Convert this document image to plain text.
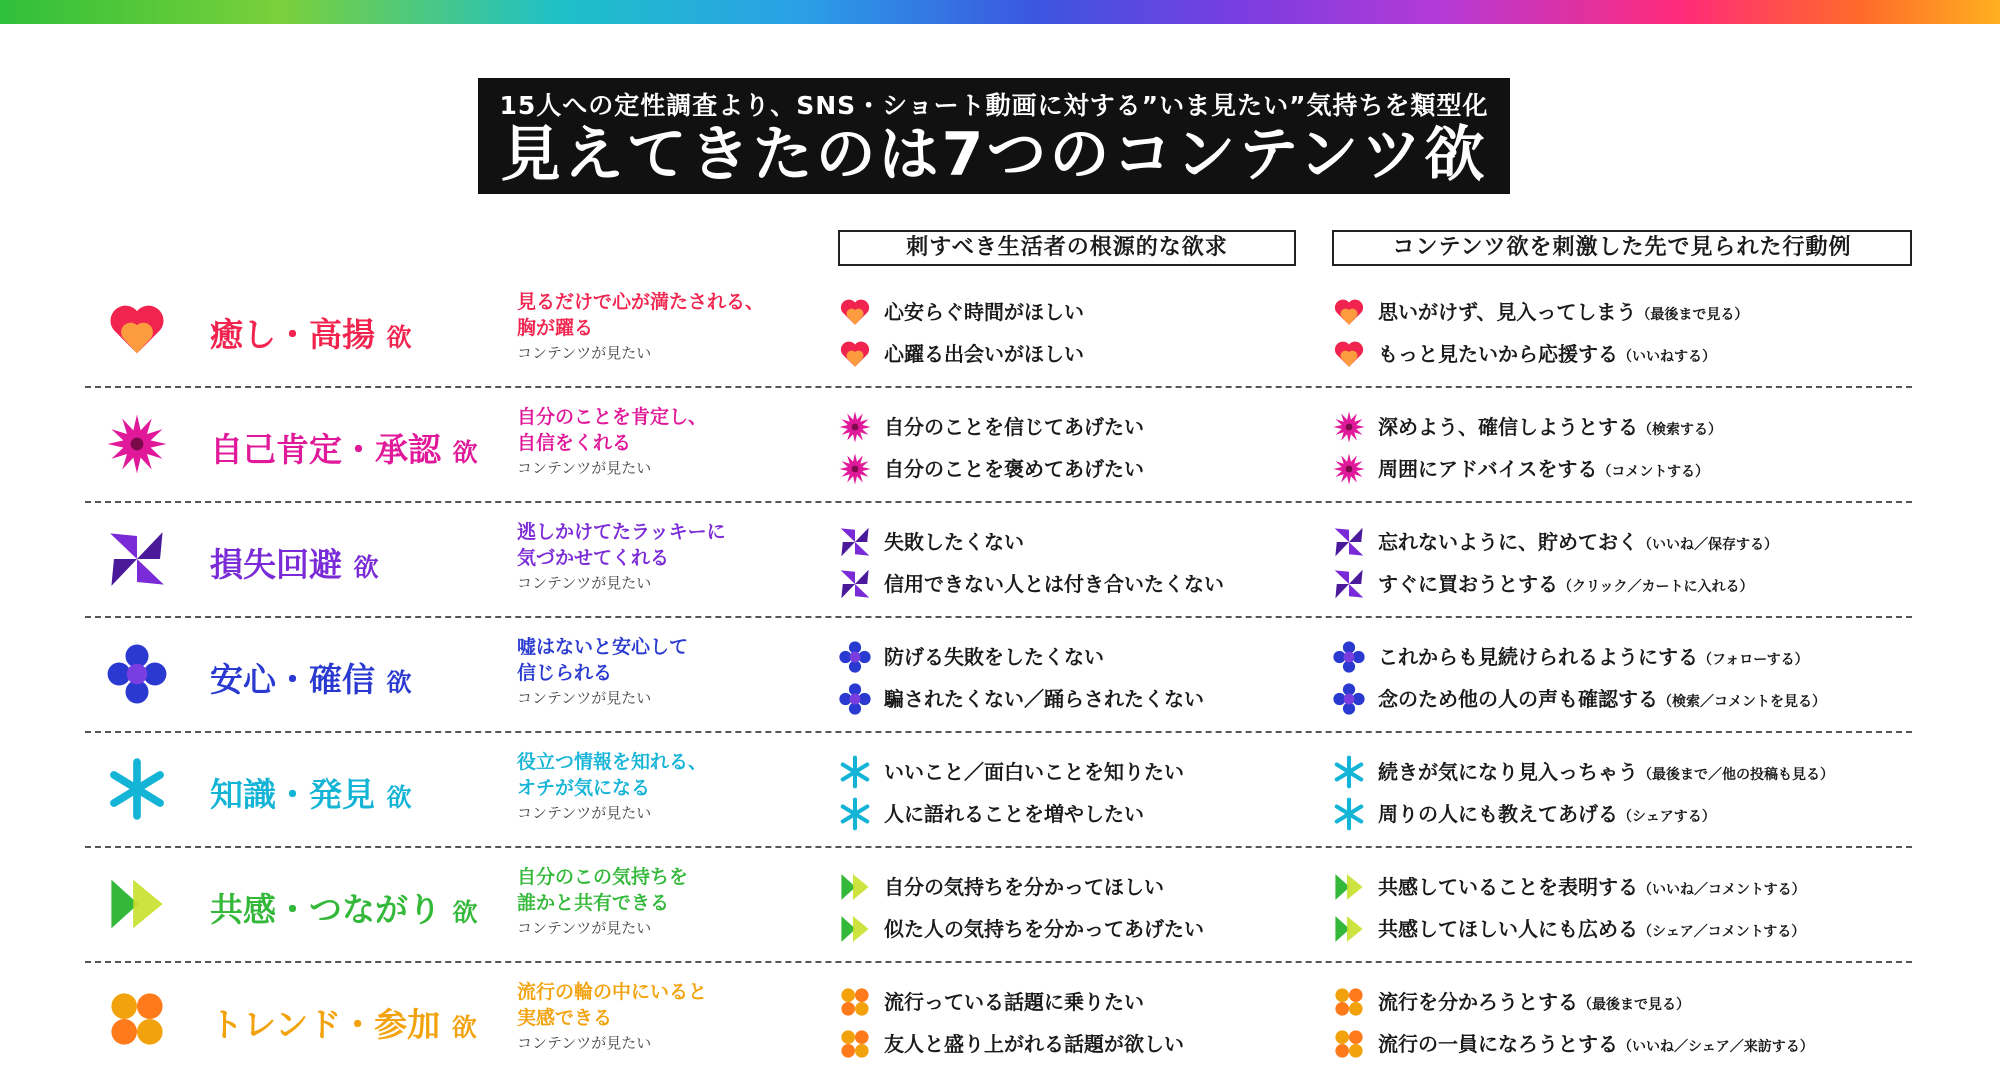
15人への定性調査より、SNS・ショート動画に対する”いま見たい”気持ちを類型化
見えてきたのは7つのコンテンツ欲
刺すべき生活者の根源的な欲求	コンテンツ欲を刺激した先で見られた行動例
癒し・高揚 欲
見るだけで心が満たされる、
胸が躍る
コンテンツが見たい
心安らぐ時間がほしい
心躍る出会いがほしい
思いがけず、見入ってしまう（最後まで見る）
もっと見たいから応援する（いいねする）
自己肯定・承認 欲
自分のことを肯定し、
自信をくれる
コンテンツが見たい
自分のことを信じてあげたい
自分のことを褒めてあげたい
深めよう、確信しようとする（検索する）
周囲にアドバイスをする（コメントする）
損失回避 欲
逃しかけてたラッキーに
気づかせてくれる
コンテンツが見たい
失敗したくない
信用できない人とは付き合いたくない
忘れないように、貯めておく（いいね／保存する）
すぐに買おうとする（クリック／カートに入れる）
安心・確信 欲
嘘はないと安心して
信じられる
コンテンツが見たい
防げる失敗をしたくない
騙されたくない／踊らされたくない
これからも見続けられるようにする（フォローする）
念のため他の人の声も確認する（検索／コメントを見る）
知識・発見 欲
役立つ情報を知れる、
オチが気になる
コンテンツが見たい
いいこと／面白いことを知りたい
人に語れることを増やしたい
続きが気になり見入っちゃう（最後まで／他の投稿も見る）
周りの人にも教えてあげる（シェアする）
共感・つながり 欲
自分のこの気持ちを
誰かと共有できる
コンテンツが見たい
自分の気持ちを分かってほしい
似た人の気持ちを分かってあげたい
共感していることを表明する（いいね／コメントする）
共感してほしい人にも広める（シェア／コメントする）
トレンド・参加 欲
流行の輪の中にいると
実感できる
コンテンツが見たい
流行っている話題に乗りたい
友人と盛り上がれる話題が欲しい
流行を分かろうとする（最後まで見る）
流行の一員になろうとする（いいね／シェア／来訪する）
